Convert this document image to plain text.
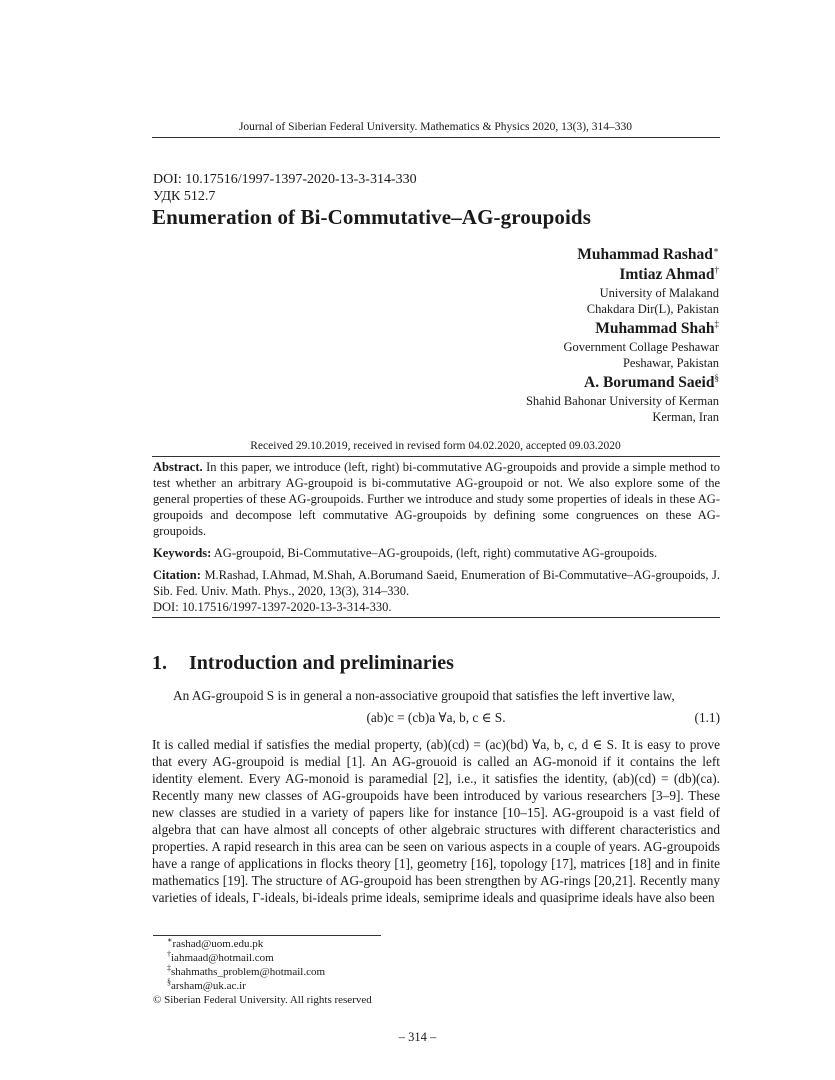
Journal of Siberian Federal University. Mathematics & Physics 2020, 13(3), 314–330
DOI: 10.17516/1997-1397-2020-13-3-314-330
УДК 512.7
Enumeration of Bi-Commutative–AG-groupoids
Muhammad Rashad∗
Imtiaz Ahmad†
University of Malakand
Chakdara Dir(L), Pakistan
Muhammad Shah‡
Government Collage Peshawar
Peshawar, Pakistan
A. Borumand Saeid§
Shahid Bahonar University of Kerman
Kerman, Iran
Received 29.10.2019, received in revised form 04.02.2020, accepted 09.03.2020

Abstract. In this paper, we introduce (left, right) bi-commutative AG-groupoids and provide a simple method to test whether an arbitrary AG-groupoid is bi-commutative AG-groupoid or not. We also explore some of the general properties of these AG-groupoids. Further we introduce and study some properties of ideals in these AG-groupoids and decompose left commutative AG-groupoids by defining some congruences on these AG-groupoids.

Keywords: AG-groupoid, Bi-Commutative–AG-groupoids, (left, right) commutative AG-groupoids.

Citation: M.Rashad, I.Ahmad, M.Shah, A.Borumand Saeid, Enumeration of Bi-Commutative–AG-groupoids, J. Sib. Fed. Univ. Math. Phys., 2020, 13(3), 314–330.
DOI: 10.17516/1997-1397-2020-13-3-314-330.

1. Introduction and preliminaries

An AG-groupoid S is in general a non-associative groupoid that satisfies the left invertive law,

(ab)c = (cb)a ∀a, b, c ∈ S.	(1.1)

It is called medial if satisfies the medial property, (ab)(cd) = (ac)(bd) ∀a, b, c, d ∈ S. It is easy to prove that every AG-groupoid is medial [1]. An AG-grouoid is called an AG-monoid if it contains the left identity element. Every AG-monoid is paramedial [2], i.e., it satisfies the identity, (ab)(cd) = (db)(ca). Recently many new classes of AG-groupoids have been introduced by various researchers [3–9]. These new classes are studied in a variety of papers like for instance [10–15]. AG-groupoid is a vast field of algebra that can have almost all concepts of other algebraic structures with different characteristics and properties. A rapid research in this area can be seen on various aspects in a couple of years. AG-groupoids have a range of applications in flocks theory [1], geometry [16], topology [17], matrices [18] and in finite mathematics [19]. The structure of AG-groupoid has been strengthen by AG-rings [20,21]. Recently many varieties of ideals, Γ-ideals, bi-ideals prime ideals, semiprime ideals and quasiprime ideals have also been

∗rashad@uom.edu.pk
†iahmaad@hotmail.com
‡shahmaths_problem@hotmail.com
§arsham@uk.ac.ir
© Siberian Federal University. All rights reserved
– 314 –
